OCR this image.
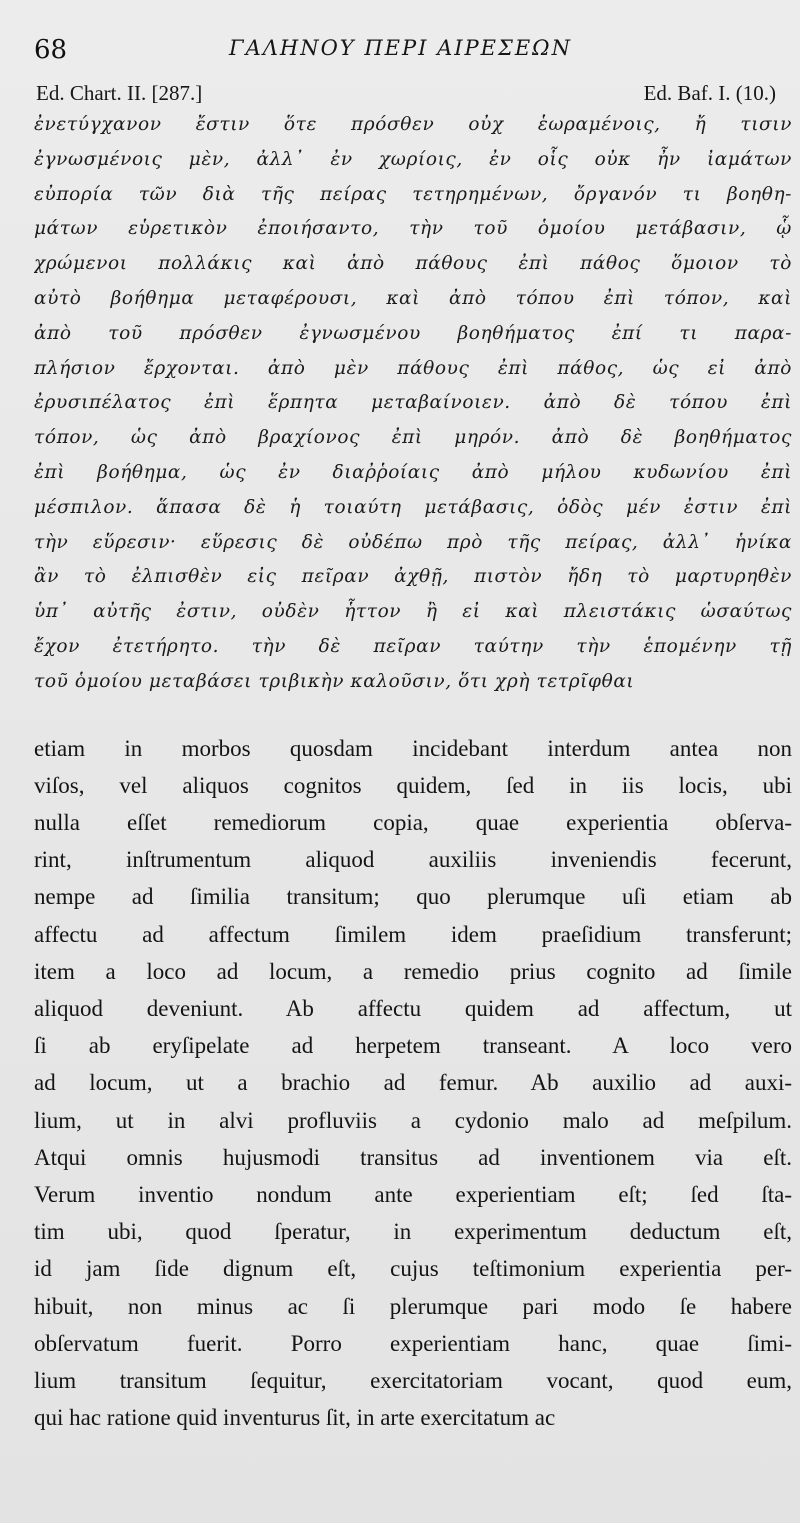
68	ΓΑΛΗΝΟΥ ΠΕΡΙ ΑΙΡΕΣΕΩΝ
Ed. Chart. II. [287.]	Ed. Baf. I. (10.)
ἐνετύγχανον ἔστιν ὅτε πρόσθεν οὐχ ἑωραμένοις, ἤ τισιν
ἐγνωσμένοις μὲν, ἀλλ᾽ ἐν χωρίοις, ἐν οἷς οὐκ ἦν ἰαμάτων
εὐπορία τῶν διὰ τῆς πείρας τετηρημένων, ὄργανόν τι βοηθη-
μάτων εὑρετικὸν ἐποιήσαντο, τὴν τοῦ ὁμοίου μετάβασιν, ᾧ
χρώμενοι πολλάκις καὶ ἀπὸ πάθους ἐπὶ πάθος ὅμοιον τὸ
αὐτὸ βοήθημα μεταφέρουσι, καὶ ἀπὸ τόπου ἐπὶ τόπον, καὶ
ἀπὸ τοῦ πρόσθεν ἐγνωσμένου βοηθήματος ἐπί τι παρα-
πλήσιον ἔρχονται. ἀπὸ μὲν πάθους ἐπὶ πάθος, ὡς εἰ ἀπὸ
ἐρυσιπέλατος ἐπὶ ἕρπητα μεταβαίνοιεν. ἀπὸ δὲ τόπου ἐπὶ
τόπον, ὡς ἀπὸ βραχίονος ἐπὶ μηρόν. ἀπὸ δὲ βοηθήματος
ἐπὶ βοήθημα, ὡς ἐν διαῤῥοίαις ἀπὸ μήλου κυδωνίου ἐπὶ
μέσπιλον. ἅπασα δὲ ἡ τοιαύτη μετάβασις, ὁδὸς μέν ἐστιν ἐπὶ
τὴν εὕρεσιν· εὕρεσις δὲ οὐδέπω πρὸ τῆς πείρας, ἀλλ᾽ ἡνίκα
ἂν τὸ ἐλπισθὲν εἰς πεῖραν ἀχθῇ, πιστὸν ἤδη τὸ μαρτυρηθὲν
ὑπ᾽ αὐτῆς ἐστιν, οὐδὲν ἧττον ἢ εἰ καὶ πλειστάκις ὡσαύτως
ἔχον ἐτετήρητο. τὴν δὲ πεῖραν ταύτην τὴν ἑπομένην τῇ
τοῦ ὁμοίου μεταβάσει τριβικὴν καλοῦσιν, ὅτι χρὴ τετρῖφθαι
etiam in morbos quosdam incidebant interdum antea non
viſos, vel aliquos cognitos quidem, ſed in iis locis, ubi
nulla eſſet remediorum copia, quae experientia obſerva-
rint, inſtrumentum aliquod auxiliis inveniendis fecerunt,
nempe ad ſimilia transitum; quo plerumque uſi etiam ab
affectu ad affectum ſimilem idem praeſidium transferunt;
item a loco ad locum, a remedio prius cognito ad ſimile
aliquod deveniunt. Ab affectu quidem ad affectum, ut
ſi ab eryſipelate ad herpetem transeant. A loco vero
ad locum, ut a brachio ad femur. Ab auxilio ad auxi-
lium, ut in alvi profluviis a cydonio malo ad meſpilum.
Atqui omnis hujusmodi transitus ad inventionem via eſt.
Verum inventio nondum ante experientiam eſt; ſed ſta-
tim ubi, quod ſperatur, in experimentum deductum eſt,
id jam ſide dignum eſt, cujus teſtimonium experientia per-
hibuit, non minus ac ſi plerumque pari modo ſe habere
obſervatum fuerit. Porro experientiam hanc, quae ſimi-
lium transitum ſequitur, exercitatoriam vocant, quod eum,
qui hac ratione quid inventurus ſit, in arte exercitatum ac
